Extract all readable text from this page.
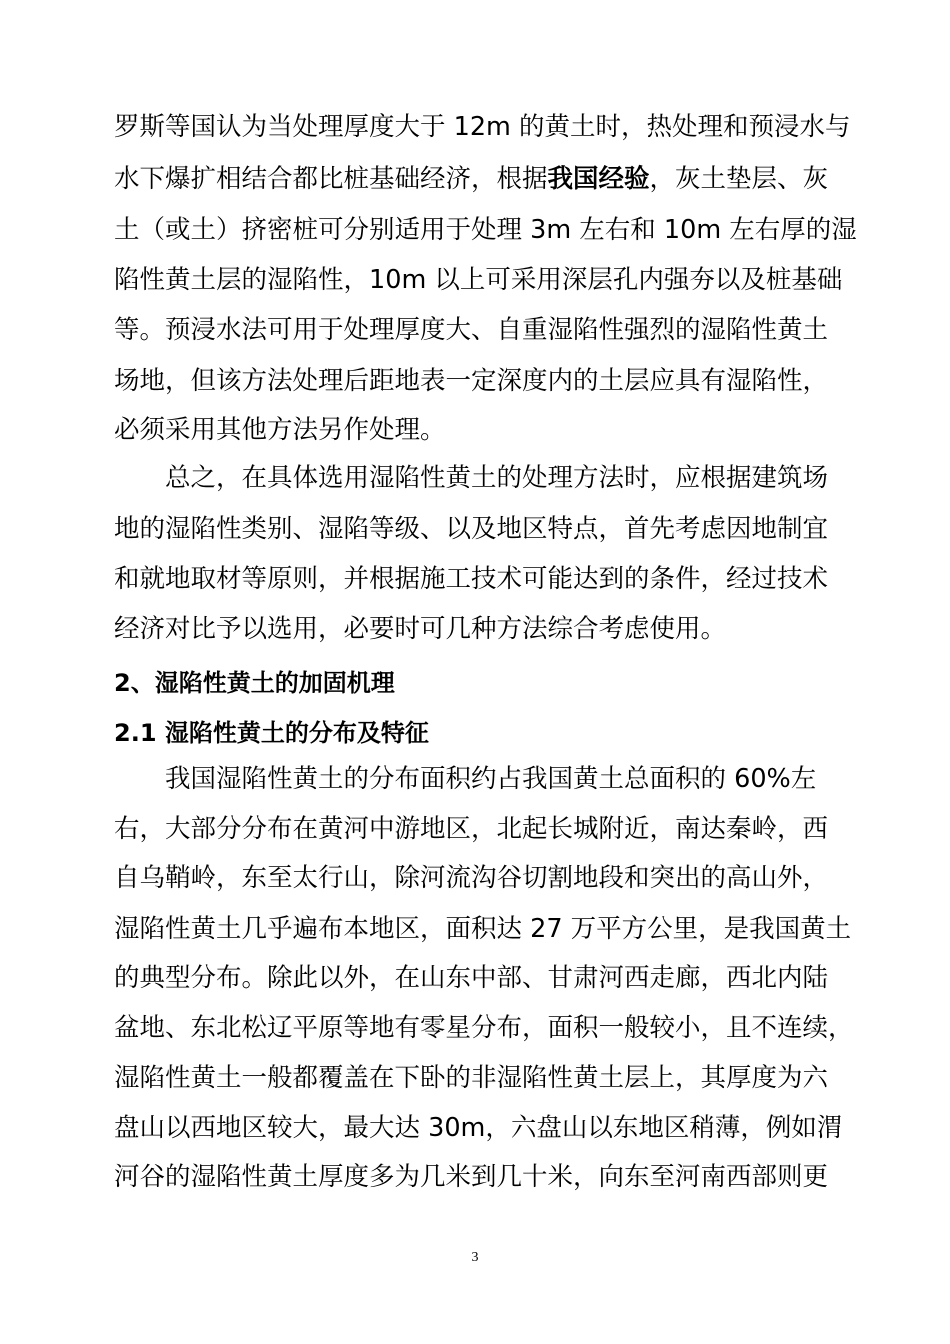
罗斯等国认为当处理厚度大于 12m 的黄土时，热处理和预浸水与
水下爆扩相结合都比桩基础经济，根据我国经验，灰土垫层、灰
土（或土）挤密桩可分别适用于处理 3m 左右和 10m 左右厚的湿
陷性黄土层的湿陷性，10m 以上可采用深层孔内强夯以及桩基础
等。预浸水法可用于处理厚度大、自重湿陷性强烈的湿陷性黄土
场地，但该方法处理后距地表一定深度内的土层应具有湿陷性，
必须采用其他方法另作处理。
总之，在具体选用湿陷性黄土的处理方法时，应根据建筑场
地的湿陷性类别、湿陷等级、以及地区特点，首先考虑因地制宜
和就地取材等原则，并根据施工技术可能达到的条件，经过技术
经济对比予以选用，必要时可几种方法综合考虑使用。
2、湿陷性黄土的加固机理
2.1 湿陷性黄土的分布及特征
我国湿陷性黄土的分布面积约占我国黄土总面积的 60%左
右，大部分分布在黄河中游地区，北起长城附近，南达秦岭，西
自乌鞘岭，东至太行山，除河流沟谷切割地段和突出的高山外，
湿陷性黄土几乎遍布本地区，面积达 27 万平方公里，是我国黄土
的典型分布。除此以外，在山东中部、甘肃河西走廊，西北内陆
盆地、东北松辽平原等地有零星分布，面积一般较小，且不连续，
湿陷性黄土一般都覆盖在下卧的非湿陷性黄土层上，其厚度为六
盘山以西地区较大，最大达 30m，六盘山以东地区稍薄，例如渭
河谷的湿陷性黄土厚度多为几米到几十米，向东至河南西部则更
3
